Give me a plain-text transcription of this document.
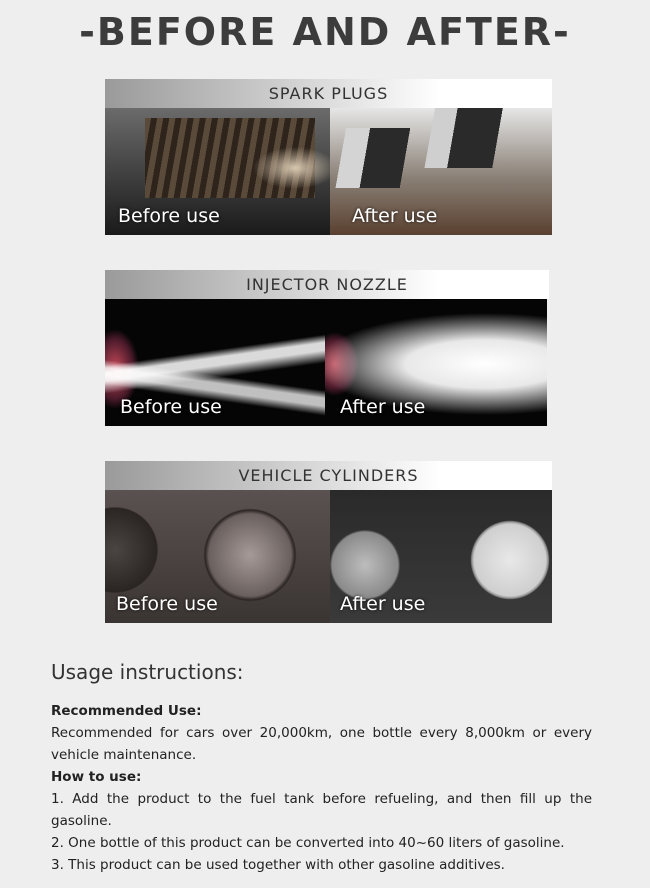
-BEFORE AND AFTER-
SPARK PLUGS
Before use	After use
INJECTOR NOZZLE
Before use	After use
VEHICLE CYLINDERS
Before use	After use
Usage instructions:
Recommended Use:
Recommended for cars over 20,000km, one bottle every 8,000km or every vehicle maintenance.
How to use:
1. Add the product to the fuel tank before refueling, and then fill up the gasoline.
2. One bottle of this product can be converted into 40~60 liters of gasoline.
3. This product can be used together with other gasoline additives.
